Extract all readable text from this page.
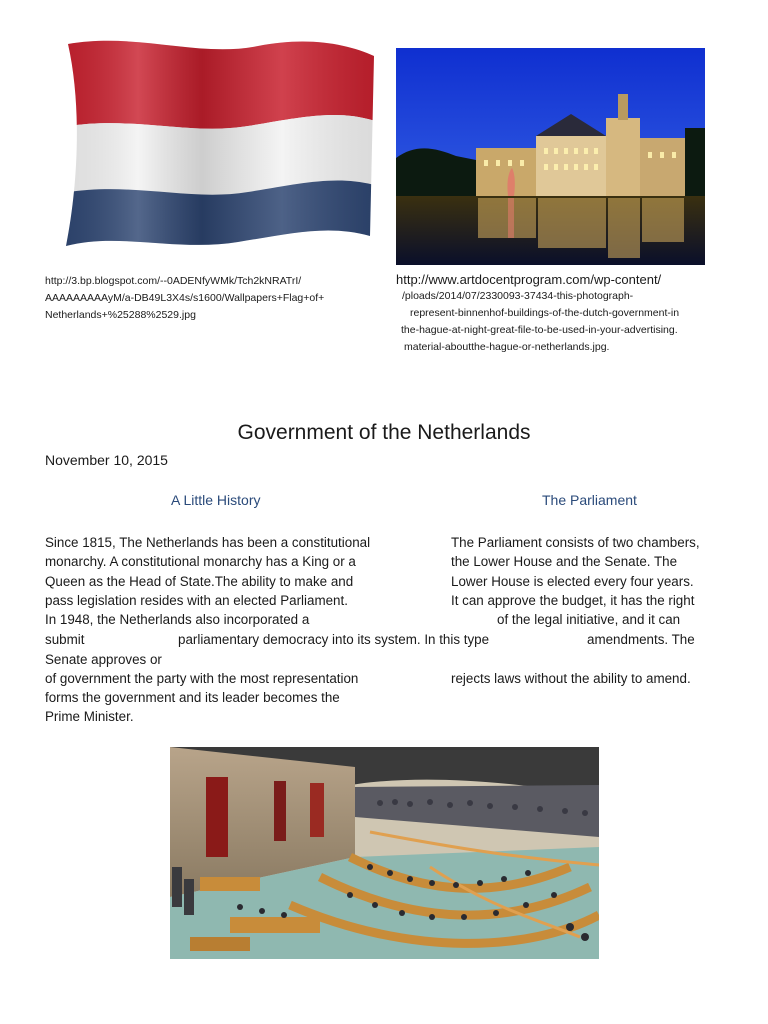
http://3.bp.blogspot.com/--0ADENfyWMk/Tch2kNRATrI/
AAAAAAAAAyM/a-DB49L3X4s/s1600/Wallpapers+Flag+of+
Netherlands+%25288%2529.jpg
http://www.artdocentprogram.com/wp-content/
/ploads/2014/07/2330093-37434-this-photograph-
represent-binnenhof-buildings-of-the-dutch-government-in
the-hague-at-night-great-file-to-be-used-in-your-advertising.
material-aboutthe-hague-or-netherlands.jpg.
Government of the Netherlands
November 10, 2015
A Little History	The Parliament
Since 1815, The Netherlands has been a constitutional
monarchy. A constitutional monarchy has a King or a
Queen as the Head of State.The ability to make and
pass legislation resides with an elected Parliament.
In 1948, the Netherlands also incorporated a
The Parliament consists of two chambers,
the Lower House and the Senate. The
Lower House is elected every four years.
It can approve the budget, it has the right
of the legal initiative, and it can
submit	parliamentary democracy into its system. In this type	amendments. The
Senate approves or
of government the party with the most representation	rejects laws without the ability to amend.
forms the government and its leader becomes the
Prime Minister.
